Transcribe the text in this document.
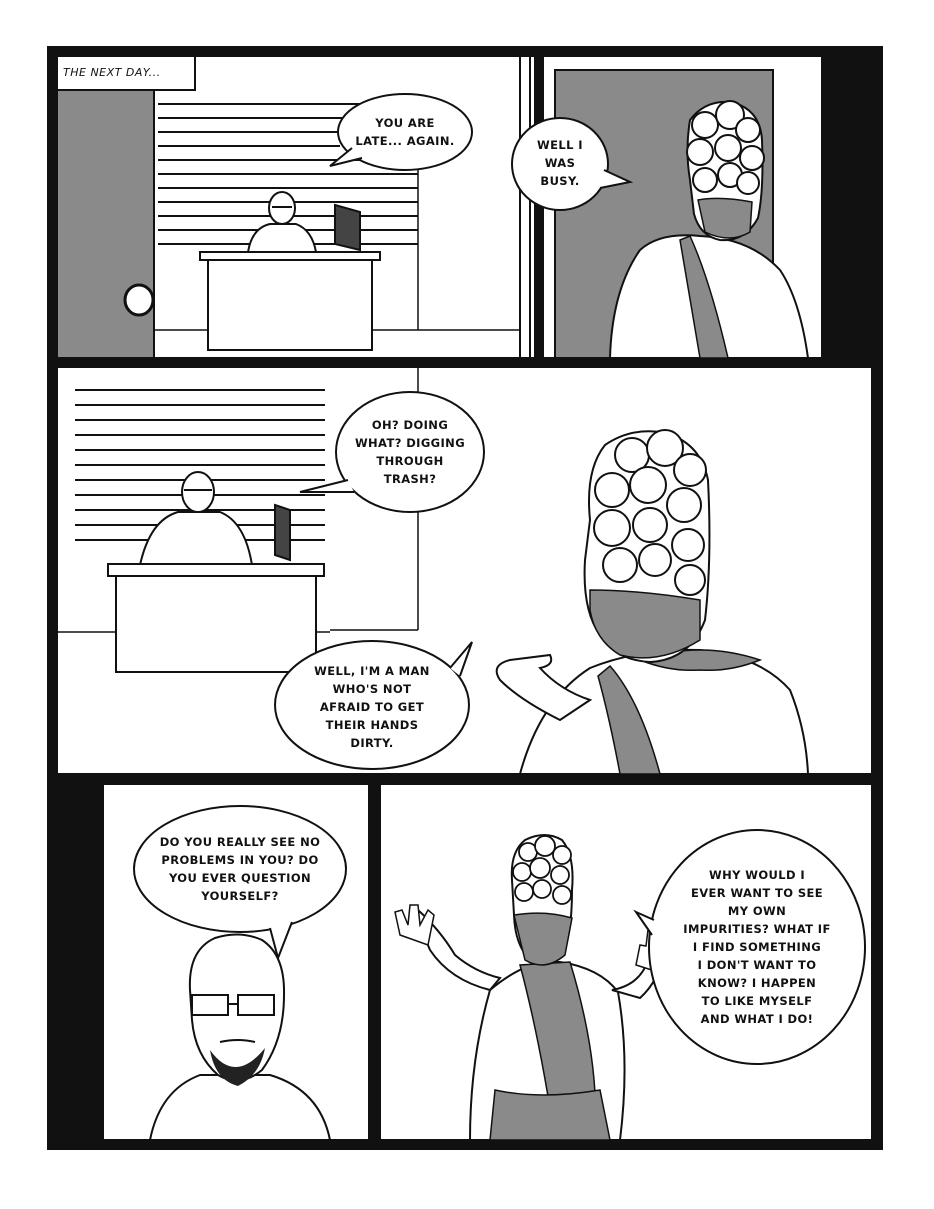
THE NEXT DAY...
YOU ARE
LATE... AGAIN.	WELL I
WAS
BUSY.
OH? DOING
WHAT? DIGGING
THROUGH
TRASH?
WELL, I'M A MAN
WHO'S NOT
AFRAID TO GET
THEIR HANDS
DIRTY.
DO YOU REALLY SEE NO
PROBLEMS IN YOU? DO
YOU EVER QUESTION
YOURSELF?
WHY WOULD I
EVER WANT TO SEE
MY OWN
IMPURITIES? WHAT IF
I FIND SOMETHING
I DON'T WANT TO
KNOW? I HAPPEN
TO LIKE MYSELF
AND WHAT I DO!
